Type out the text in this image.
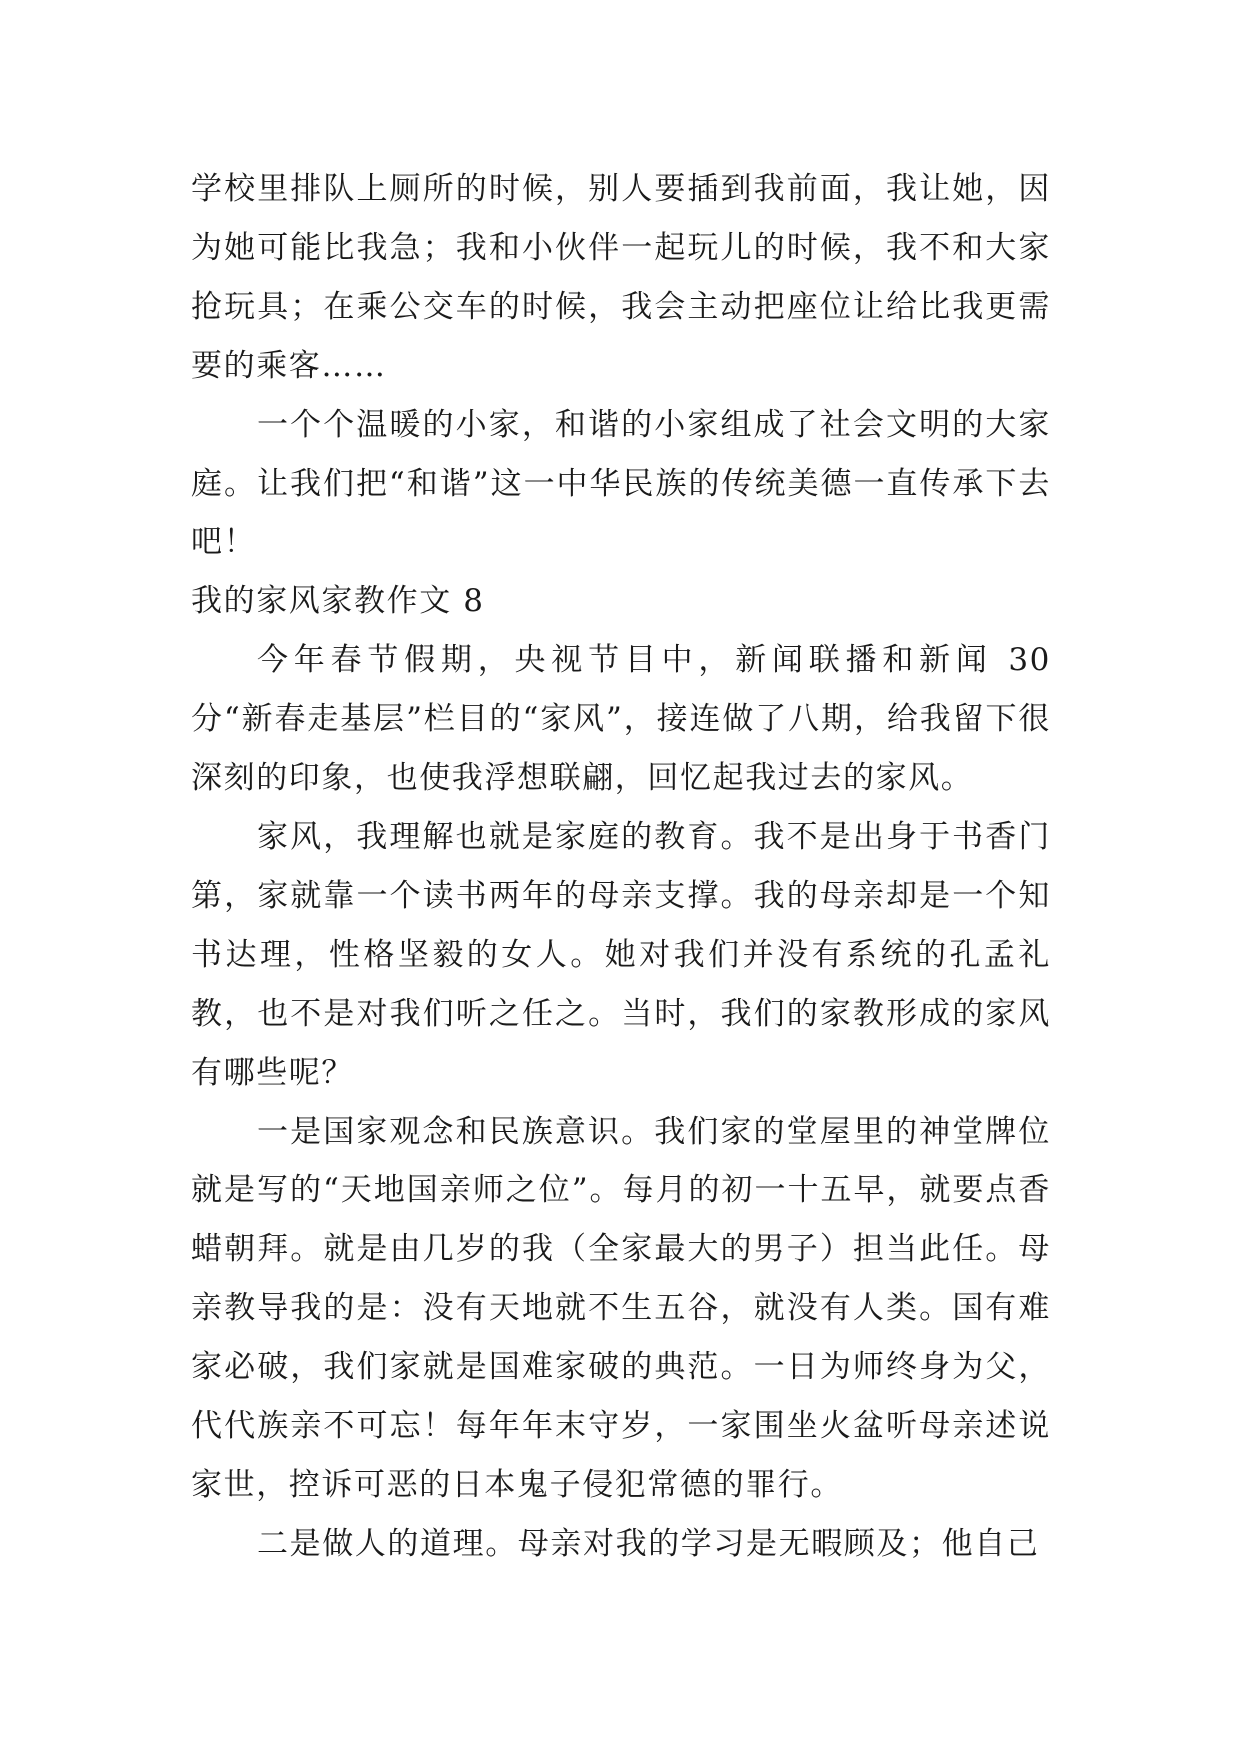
学校里排队上厕所的时候，别人要插到我前面，我让她，因为她可能比我急；我和小伙伴一起玩儿的时候，我不和大家抢玩具；在乘公交车的时候，我会主动把座位让给比我更需要的乘客……

一个个温暖的小家，和谐的小家组成了社会文明的大家庭。让我们把“和谐”这一中华民族的传统美德一直传承下去吧！

我的家风家教作文 8

今年春节假期，央视节目中，新闻联播和新闻 30 分“新春走基层”栏目的“家风”，接连做了八期，给我留下很深刻的印象，也使我浮想联翩，回忆起我过去的家风。

家风，我理解也就是家庭的教育。我不是出身于书香门第，家就靠一个读书两年的母亲支撑。我的母亲却是一个知书达理，性格坚毅的女人。她对我们并没有系统的孔孟礼教，也不是对我们听之任之。当时，我们的家教形成的家风有哪些呢？

一是国家观念和民族意识。我们家的堂屋里的神堂牌位就是写的“天地国亲师之位”。每月的初一十五早，就要点香蜡朝拜。就是由几岁的我（全家最大的男子）担当此任。母亲教导我的是：没有天地就不生五谷，就没有人类。国有难家必破，我们家就是国难家破的典范。一日为师终身为父，代代族亲不可忘！每年年末守岁，一家围坐火盆听母亲述说家世，控诉可恶的日本鬼子侵犯常德的罪行。

二是做人的道理。母亲对我的学习是无暇顾及；他自己
